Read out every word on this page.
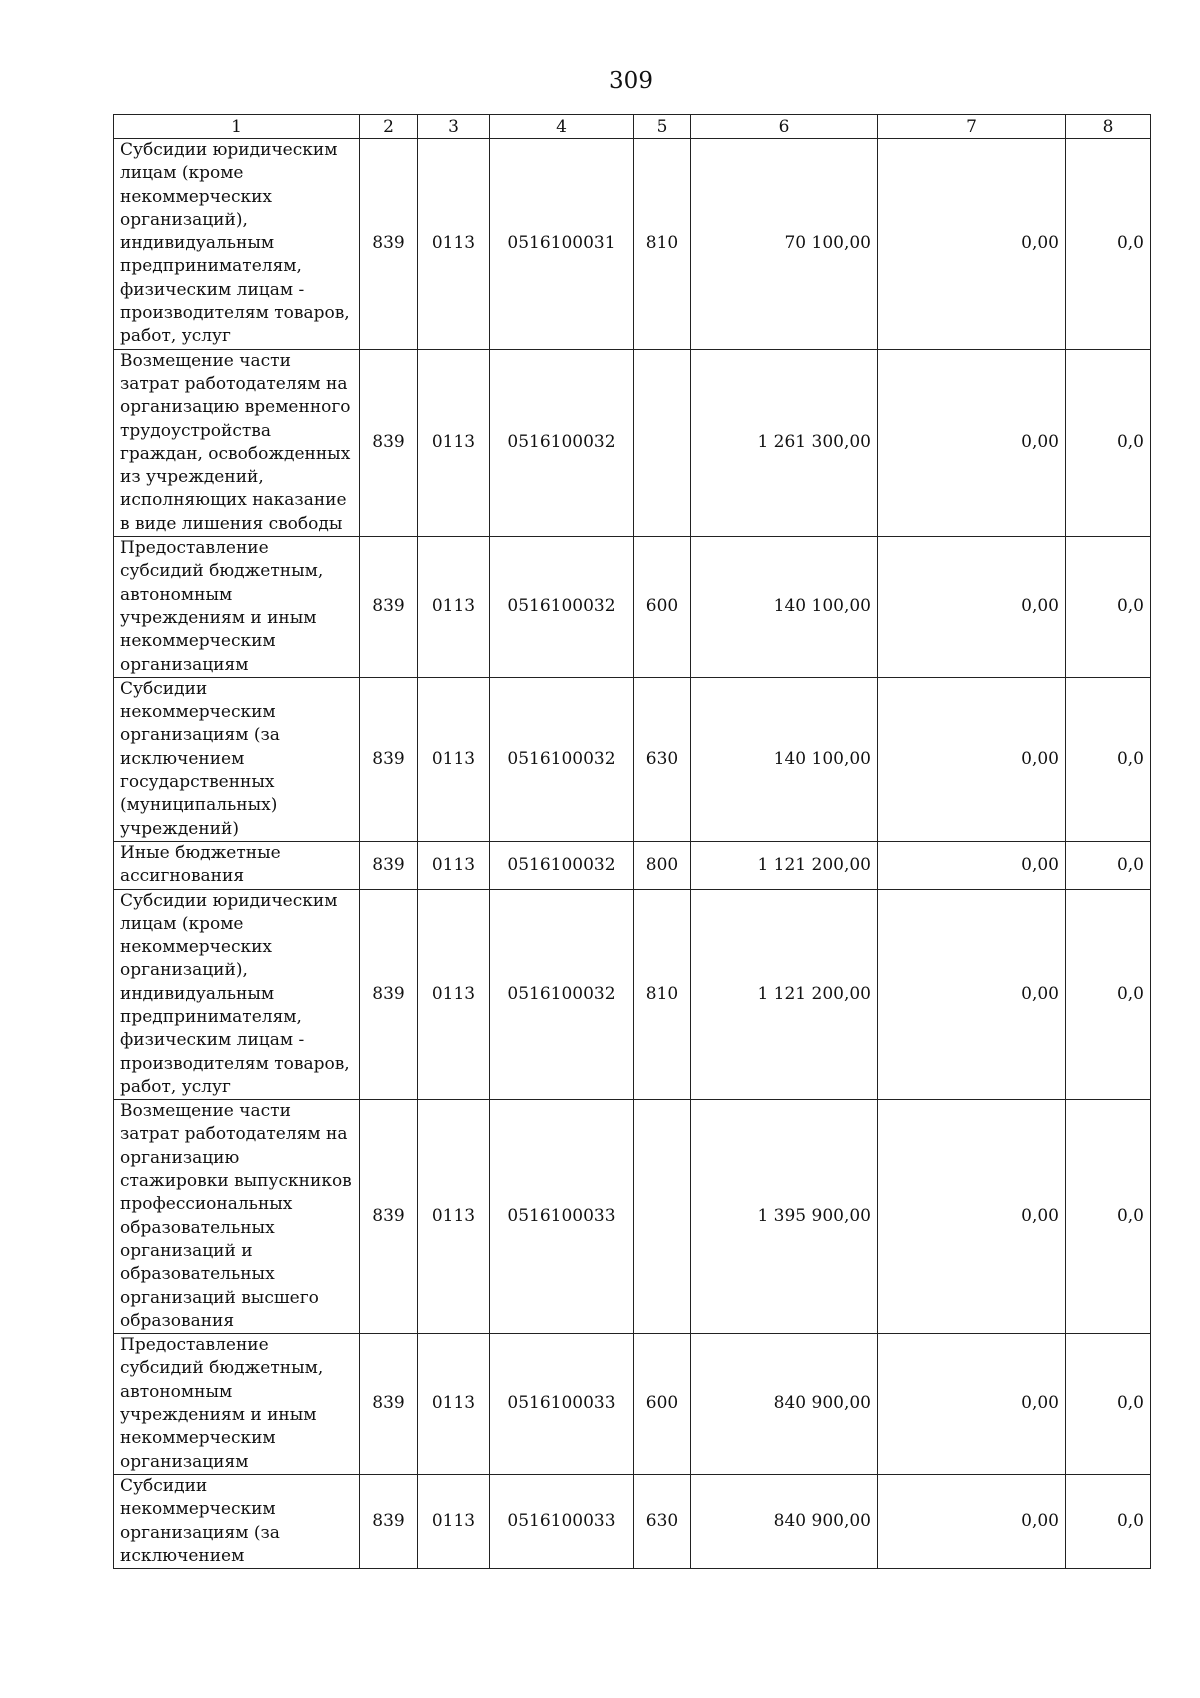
309
1	2	3	4	5	6	7	8
Субсидии юридическим лицам (кроме некоммерческих организаций), индивидуальным предпринимателям, физическим лицам - производителям товаров, работ, услуг	839	0113	0516100031	810	70 100,00	0,00	0,0
Возмещение части затрат работодателям на организацию временного трудоустройства граждан, освобожденных из учреждений, исполняющих наказание в виде лишения свободы	839	0113	0516100032		1 261 300,00	0,00	0,0
Предоставление субсидий бюджетным, автономным учреждениям и иным некоммерческим организациям	839	0113	0516100032	600	140 100,00	0,00	0,0
Субсидии некоммерческим организациям (за исключением государственных (муниципальных) учреждений)	839	0113	0516100032	630	140 100,00	0,00	0,0
Иные бюджетные ассигнования	839	0113	0516100032	800	1 121 200,00	0,00	0,0
Субсидии юридическим лицам (кроме некоммерческих организаций), индивидуальным предпринимателям, физическим лицам - производителям товаров, работ, услуг	839	0113	0516100032	810	1 121 200,00	0,00	0,0
Возмещение части затрат работодателям на организацию стажировки выпускников профессиональных образовательных организаций и образовательных организаций высшего образования	839	0113	0516100033		1 395 900,00	0,00	0,0
Предоставление субсидий бюджетным, автономным учреждениям и иным некоммерческим организациям	839	0113	0516100033	600	840 900,00	0,00	0,0
Субсидии некоммерческим организациям (за исключением	839	0113	0516100033	630	840 900,00	0,00	0,0
